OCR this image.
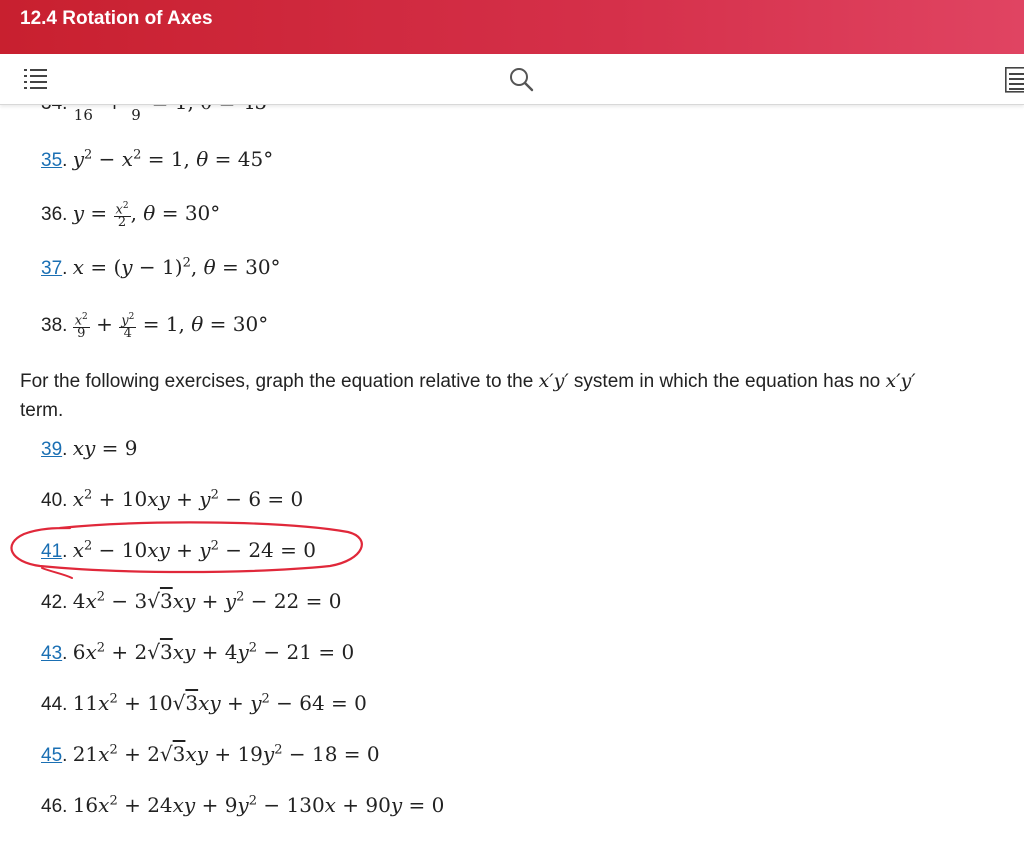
12.4 Rotation of Axes
16
	9
35. $y^2 - x^2 = 1$, θ = 45°
36. $y = \frac{x^2}{2}$ , θ = 30°
37. $x = (y - 1)^2$, θ = 30°
38. $\frac{x^2}{9} + \frac{y^2}{4} = 1$, θ = 30°
For the following exercises, graph the equation relative to the x′y′ system in which the equation has no x′y′
term.
39. xy = 9
40. $x^2 + 10xy + y^2 - 6 = 0$
41. $x^2 - 10xy + y^2 - 24 = 0$
42. $4x^2 - 3√3xy + y^2 - 22 = 0$
43. $6x^2 + 2√3xy + 4y^2 - 21 = 0$
44. $11x^2 + 10√3xy + y^2 - 64 = 0$
45. $21x^2 + 2√3xy + 19y^2 - 18 = 0$
46. $16x^2 + 24xy + 9y^2 - 130x + 90y = 0$
